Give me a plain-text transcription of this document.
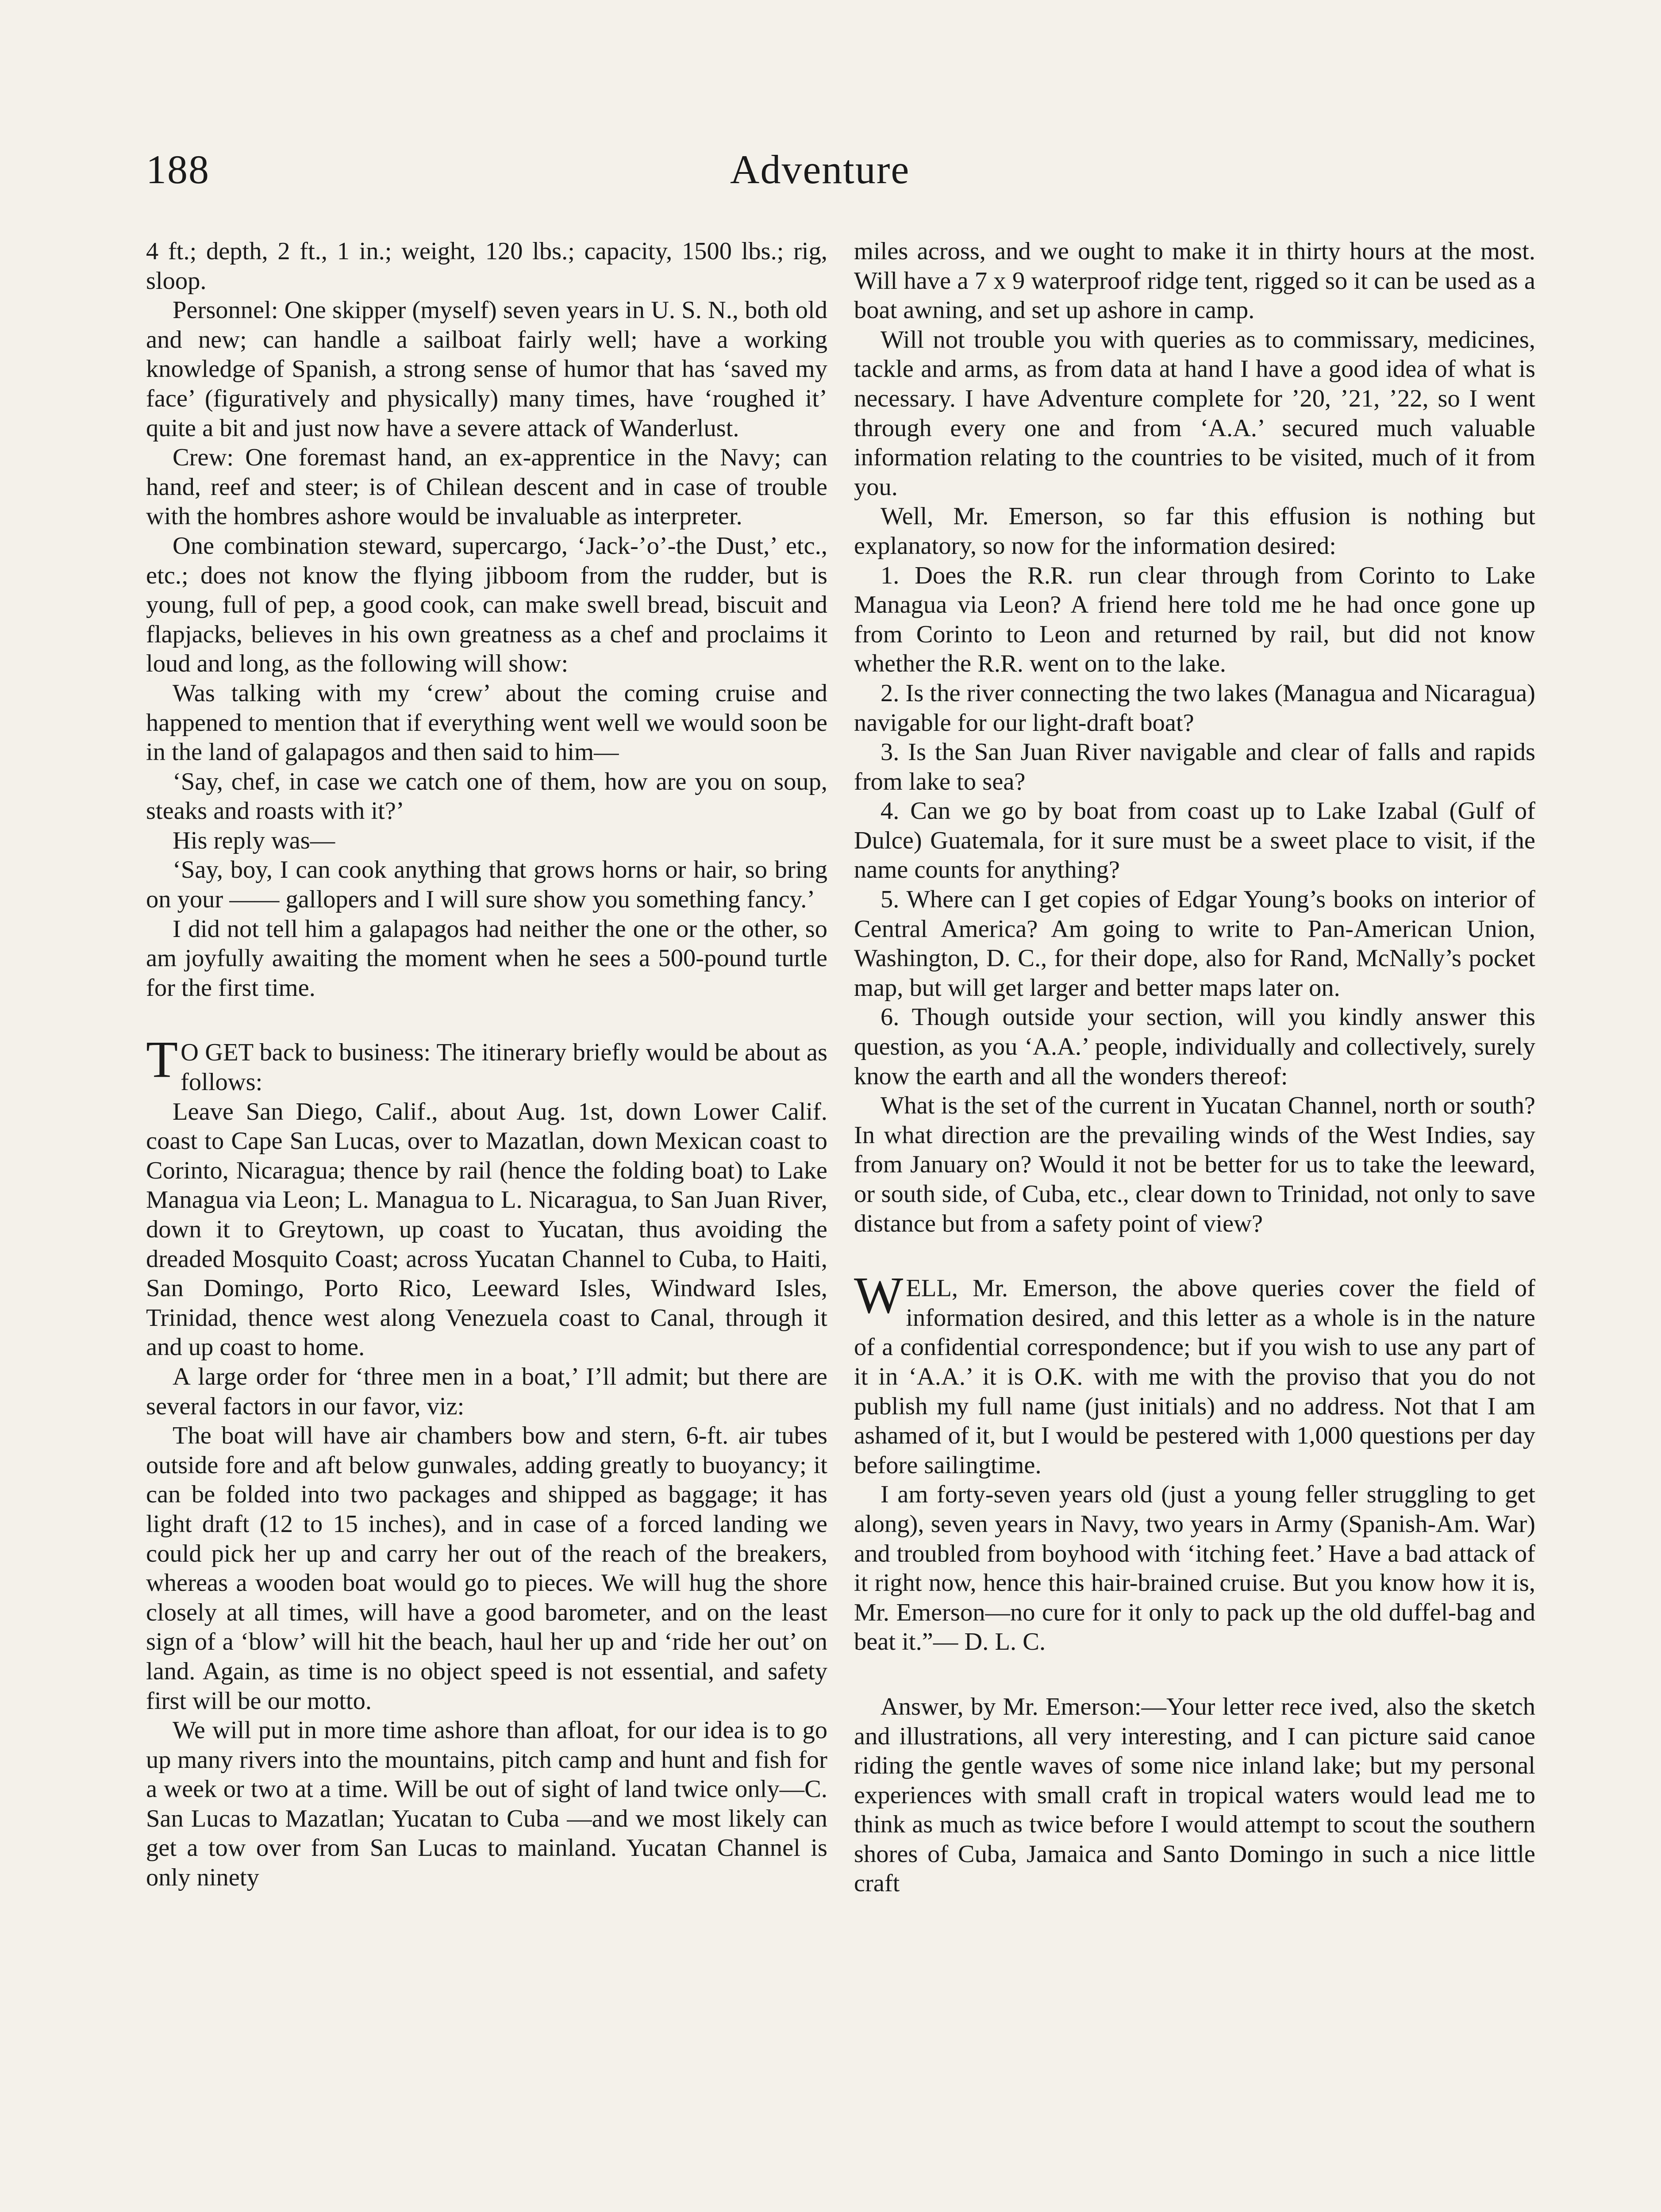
188	Adventure

4 ft.; depth, 2 ft., 1 in.; weight, 120 lbs.; capacity, 1500 lbs.; rig, sloop.

Personnel: One skipper (myself) seven years in U. S. N., both old and new; can handle a sailboat fairly well; have a working knowledge of Spanish, a strong sense of humor that has ‘saved my face’ (figuratively and physically) many times, have ‘roughed it’ quite a bit and just now have a severe attack of Wanderlust.

Crew: One foremast hand, an ex-apprentice in the Navy; can hand, reef and steer; is of Chilean descent and in case of trouble with the hombres ashore would be invaluable as interpreter.

One combination steward, supercargo, ‘Jack-’o’-the Dust,’ etc., etc.; does not know the flying jibboom from the rudder, but is young, full of pep, a good cook, can make swell bread, biscuit and flapjacks, believes in his own greatness as a chef and proclaims it loud and long, as the following will show:

Was talking with my ‘crew’ about the coming cruise and happened to mention that if everything went well we would soon be in the land of galapagos and then said to him—

‘Say, chef, in case we catch one of them, how are you on soup, steaks and roasts with it?’

His reply was—

‘Say, boy, I can cook anything that grows horns or hair, so bring on your —— gallopers and I will sure show you something fancy.’

I did not tell him a galapagos had neither the one or the other, so am joyfully awaiting the moment when he sees a 500-pound turtle for the first time.

TO GET back to business: The itinerary briefly would be about as follows:

Leave San Diego, Calif., about Aug. 1st, down Lower Calif. coast to Cape San Lucas, over to Mazatlan, down Mexican coast to Corinto, Nicaragua; thence by rail (hence the folding boat) to Lake Managua via Leon; L. Managua to L. Nicaragua, to San Juan River, down it to Greytown, up coast to Yucatan, thus avoiding the dreaded Mosquito Coast; across Yucatan Channel to Cuba, to Haiti, San Domingo, Porto Rico, Leeward Isles, Windward Isles, Trinidad, thence west along Venezuela coast to Canal, through it and up coast to home.

A large order for ‘three men in a boat,’ I’ll admit; but there are several factors in our favor, viz:

The boat will have air chambers bow and stern, 6-ft. air tubes outside fore and aft below gunwales, adding greatly to buoyancy; it can be folded into two packages and shipped as baggage; it has light draft (12 to 15 inches), and in case of a forced landing we could pick her up and carry her out of the reach of the breakers, whereas a wooden boat would go to pieces. We will hug the shore closely at all times, will have a good barometer, and on the least sign of a ‘blow’ will hit the beach, haul her up and ‘ride her out’ on land. Again, as time is no object speed is not essential, and safety first will be our motto.

We will put in more time ashore than afloat, for our idea is to go up many rivers into the mountains, pitch camp and hunt and fish for a week or two at a time. Will be out of sight of land twice only—C. San Lucas to Mazatlan; Yucatan to Cuba —and we most likely can get a tow over from San Lucas to mainland. Yucatan Channel is only ninety

miles across, and we ought to make it in thirty hours at the most. Will have a 7 x 9 waterproof ridge tent, rigged so it can be used as a boat awning, and set up ashore in camp.

Will not trouble you with queries as to commissary, medicines, tackle and arms, as from data at hand I have a good idea of what is necessary. I have Adventure complete for ’20, ’21, ’22, so I went through every one and from ‘A.A.’ secured much valuable information relating to the countries to be visited, much of it from you.

Well, Mr. Emerson, so far this effusion is nothing but explanatory, so now for the information desired:

1. Does the R.R. run clear through from Corinto to Lake Managua via Leon? A friend here told me he had once gone up from Corinto to Leon and returned by rail, but did not know whether the R.R. went on to the lake.

2. Is the river connecting the two lakes (Managua and Nicaragua) navigable for our light-draft boat?

3. Is the San Juan River navigable and clear of falls and rapids from lake to sea?

4. Can we go by boat from coast up to Lake Izabal (Gulf of Dulce) Guatemala, for it sure must be a sweet place to visit, if the name counts for anything?

5. Where can I get copies of Edgar Young’s books on interior of Central America? Am going to write to Pan-American Union, Washington, D. C., for their dope, also for Rand, McNally’s pocket map, but will get larger and better maps later on.

6. Though outside your section, will you kindly answer this question, as you ‘A.A.’ people, individually and collectively, surely know the earth and all the wonders thereof:

What is the set of the current in Yucatan Channel, north or south? In what direction are the prevailing winds of the West Indies, say from January on? Would it not be better for us to take the leeward, or south side, of Cuba, etc., clear down to Trinidad, not only to save distance but from a safety point of view?

WELL, Mr. Emerson, the above queries cover the field of information desired, and this letter as a whole is in the nature of a confidential correspondence; but if you wish to use any part of it in ‘A.A.’ it is O.K. with me with the proviso that you do not publish my full name (just initials) and no address. Not that I am ashamed of it, but I would be pestered with 1,000 questions per day before sailingtime.

I am forty-seven years old (just a young feller struggling to get along), seven years in Navy, two years in Army (Spanish-Am. War) and troubled from boyhood with ‘itching feet.’ Have a bad attack of it right now, hence this hair-brained cruise. But you know how it is, Mr. Emerson—no cure for it only to pack up the old duffel-bag and beat it.”— D. L. C.

Answer, by Mr. Emerson:—Your letter rece ived, also the sketch and illustrations, all very interesting, and I can picture said canoe riding the gentle waves of some nice inland lake; but my personal experiences with small craft in tropical waters would lead me to think as much as twice before I would attempt to scout the southern shores of Cuba, Jamaica and Santo Domingo in such a nice little craft
